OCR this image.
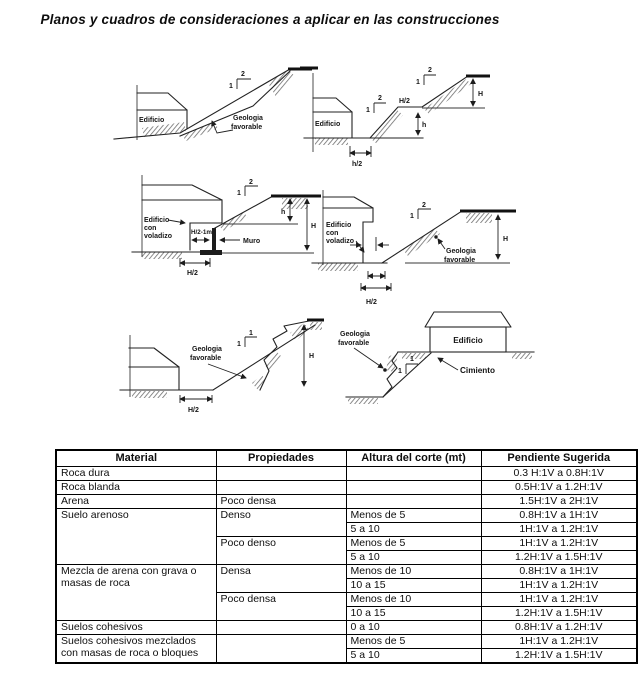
Planos y cuadros de consideraciones a aplicar en las construcciones
Edificio
2
1
Geologia
favorable	Edificio
H/2
h
H
h/2
2
1
2
1
Edificio
con
voladizo
H/2-1m
Muro
2
1
h
H
H/2
Edificio
con
voladizo
2
1
Geologia
favorable
H
H/2
Geologia
favorable
1
1
H
H/2
Edificio
Cimiento
Geologia
favorable
1
1
Material	Propiedades	Altura del corte (mt)	Pendiente Sugerida
Roca dura			0.3 H:1V a 0.8H:1V
Roca blanda			0.5H:1V a 1.2H:1V
Arena	Poco densa		1.5H:1V a 2H:1V
Suelo arenoso	Denso	Menos de 5	0.8H:1V a 1H:1V
		5 a 10	1H:1V a 1.2H:1V
	Poco denso	Menos de 5	1H:1V a 1.2H:1V
		5 a 10	1.2H:1V a 1.5H:1V
Mezcla de arena con grava o masas de roca	Densa	Menos de 10	0.8H:1V a 1H:1V
		10 a 15	1H:1V a 1.2H:1V
	Poco densa	Menos de 10	1H:1V a 1.2H:1V
		10 a 15	1.2H:1V a 1.5H:1V
Suelos cohesivos		0 a 10	0.8H:1V a 1.2H:1V
Suelos cohesivos mezclados con masas de roca o bloques		Menos de 5	1H:1V a 1.2H:1V
		5 a 10	1.2H:1V a 1.5H:1V
